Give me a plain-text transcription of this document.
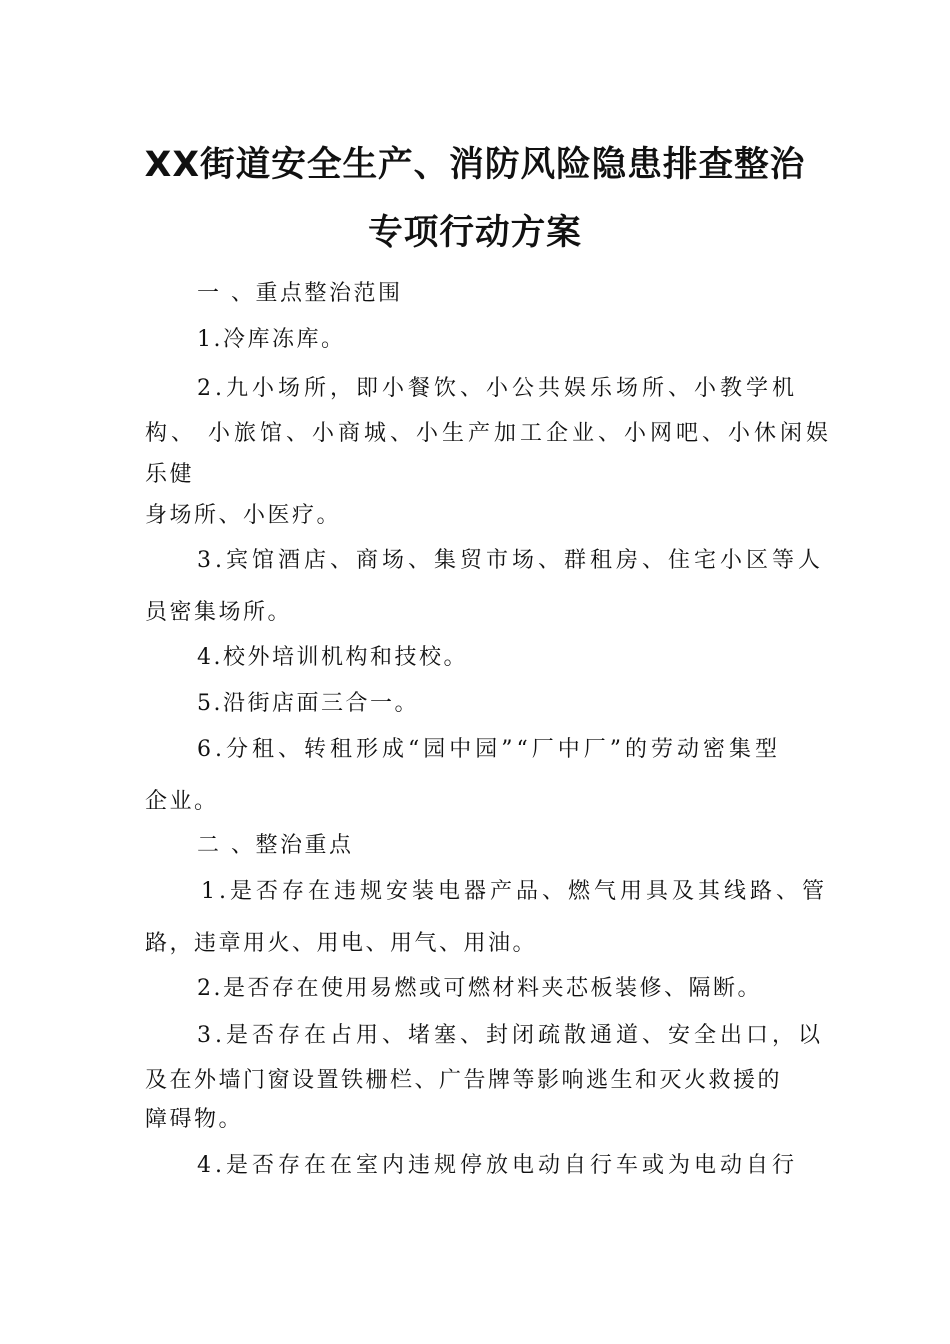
XX街道安全生产、消防风险隐患排查整治
专项行动方案

一 、重点整治范围

1.冷库冻库。

2.九小场所，即小餐饮、小公共娱乐场所、小教学机

构、 小旅馆、小商城、小生产加工企业、小网吧、小休闲娱

乐健

身场所、小医疗。

3.宾馆酒店、商场、集贸市场、群租房、住宅小区等人

员密集场所。

4.校外培训机构和技校。

5.沿街店面三合一。

6.分租、转租形成“园中园”“厂中厂”的劳动密集型

企业。

二 、整治重点

1.是否存在违规安装电器产品、燃气用具及其线路、管

路，违章用火、用电、用气、用油。

2.是否存在使用易燃或可燃材料夹芯板装修、隔断。

3.是否存在占用、堵塞、封闭疏散通道、安全出口，以

及在外墙门窗设置铁栅栏、广告牌等影响逃生和灭火救援的

障碍物。

4.是否存在在室内违规停放电动自行车或为电动自行
